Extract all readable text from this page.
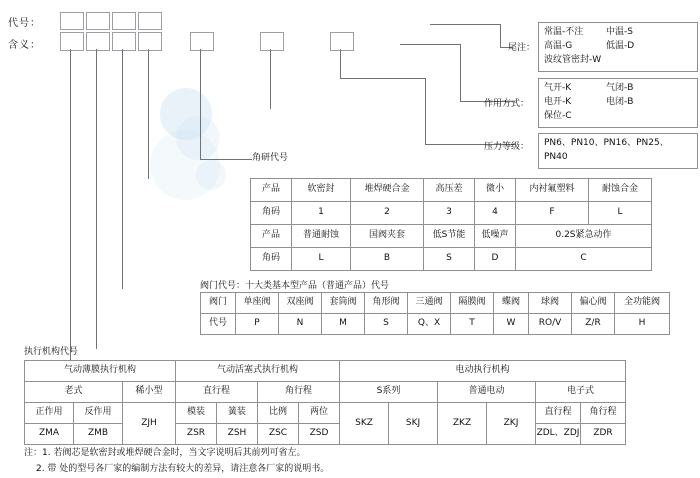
代号：
含义：	尾注：
常温-不注	中温-S
高温-G	低温-D
波纹管密封-W
作用方式：
气开-K	气闭-B
电开-K	电闭-B
保位-C
压力等级：	PN6、PN10、PN16、PN25、PN40
角研代号
产品	软密封	堆焊硬合金	高压差	微小	内衬氟塑料	耐蚀合金
角码	1	2	3	4	F	L
产品	普通耐蚀	国阀夹套	低S节能	低噪声	0.2S紧急动作	
角码	L	B	S	D	C	
阀门代号：十大类基本型产品（普通产品）代号
阀门	单座阀	双座阀	套筒阀	角形阀	三通阀	隔膜阀	蝶阀	球阀	偏心阀	全功能阀
代号	P	N	M	S	Q、X	T	W	RO/V	Z/R	H
执行机构代号
气动薄膜执行机构			气动活塞式执行机构				电动执行机构					
老式		稀小型	直行程		角行程		S系列		普通电动		电子式	
正作用	反作用	ZJH	模装	簧装	比例	两位	SKZ	SKJ	ZKZ	ZKJ	直行程	角行程
ZMA	ZMB		ZSR	ZSH	ZSC	ZSD					ZDL、ZDJ	ZDR
注：1. 若阀芯是软密封或堆焊硬合金时，当文字说明后其前列可省左。
2. 带 处的型号各厂家的编制方法有较大的差异，请注意各厂家的说明书。
